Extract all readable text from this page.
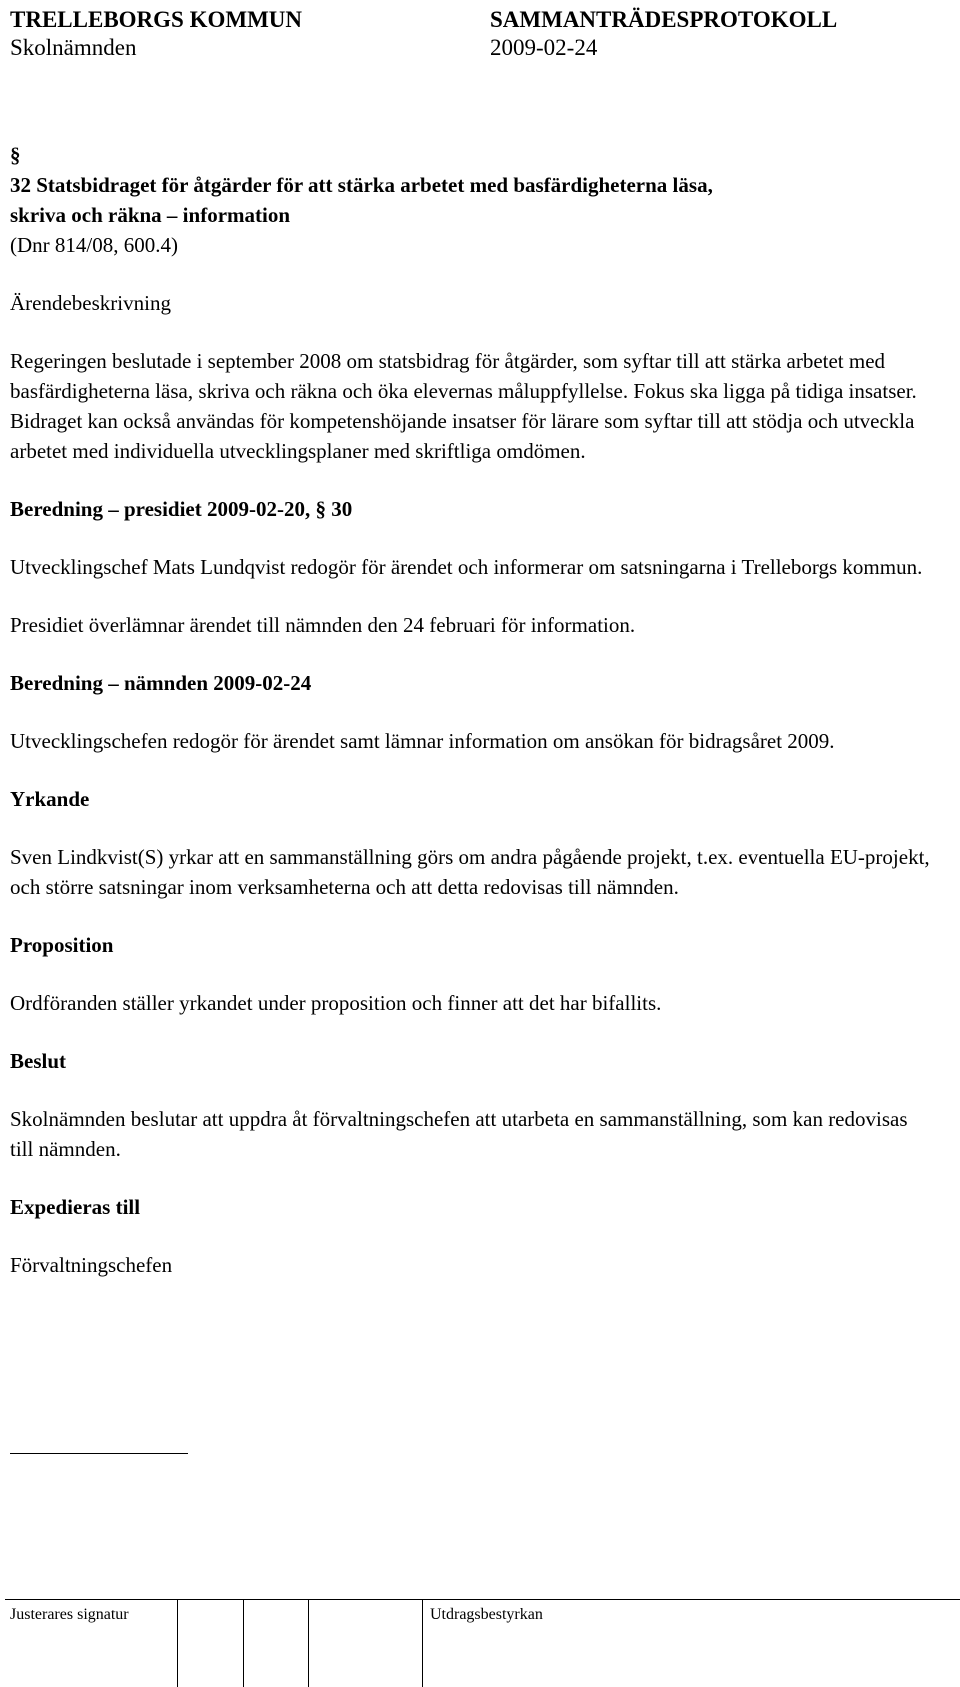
TRELLEBORGS KOMMUN	SAMMANTRÄDESPROTOKOLL
Skolnämnden	2009-02-24

§

32 Statsbidraget för åtgärder för att stärka arbetet med basfärdigheterna läsa,

skriva och räkna – information

(Dnr 814/08, 600.4)

Ärendebeskrivning

Regeringen beslutade i september 2008 om statsbidrag för åtgärder, som syftar till att stärka arbetet med basfärdigheterna läsa, skriva och räkna och öka elevernas måluppfyllelse. Fokus ska ligga på tidiga insatser. Bidraget kan också användas för kompetenshöjande insatser för lärare som syftar till att stödja och utveckla arbetet med individuella utvecklingsplaner med skriftliga omdömen.

Beredning – presidiet 2009-02-20, § 30

Utvecklingschef Mats Lundqvist redogör för ärendet och informerar om satsningarna i Trelleborgs kommun.

Presidiet överlämnar ärendet till nämnden den 24 februari för information.

Beredning – nämnden 2009-02-24

Utvecklingschefen redogör för ärendet samt lämnar information om ansökan för bidragsåret 2009.

Yrkande

Sven Lindkvist(S) yrkar att en sammanställning görs om andra pågående projekt, t.ex. eventuella EU-projekt, och större satsningar inom verksamheterna och att detta redovisas till nämnden.

Proposition

Ordföranden ställer yrkandet under proposition och finner att det har bifallits.

Beslut

Skolnämnden beslutar att uppdra åt förvaltningschefen att utarbeta en sammanställning, som kan redovisas till nämnden.

Expedieras till

Förvaltningschefen

Justerares signatur	Utdragsbestyrkan
